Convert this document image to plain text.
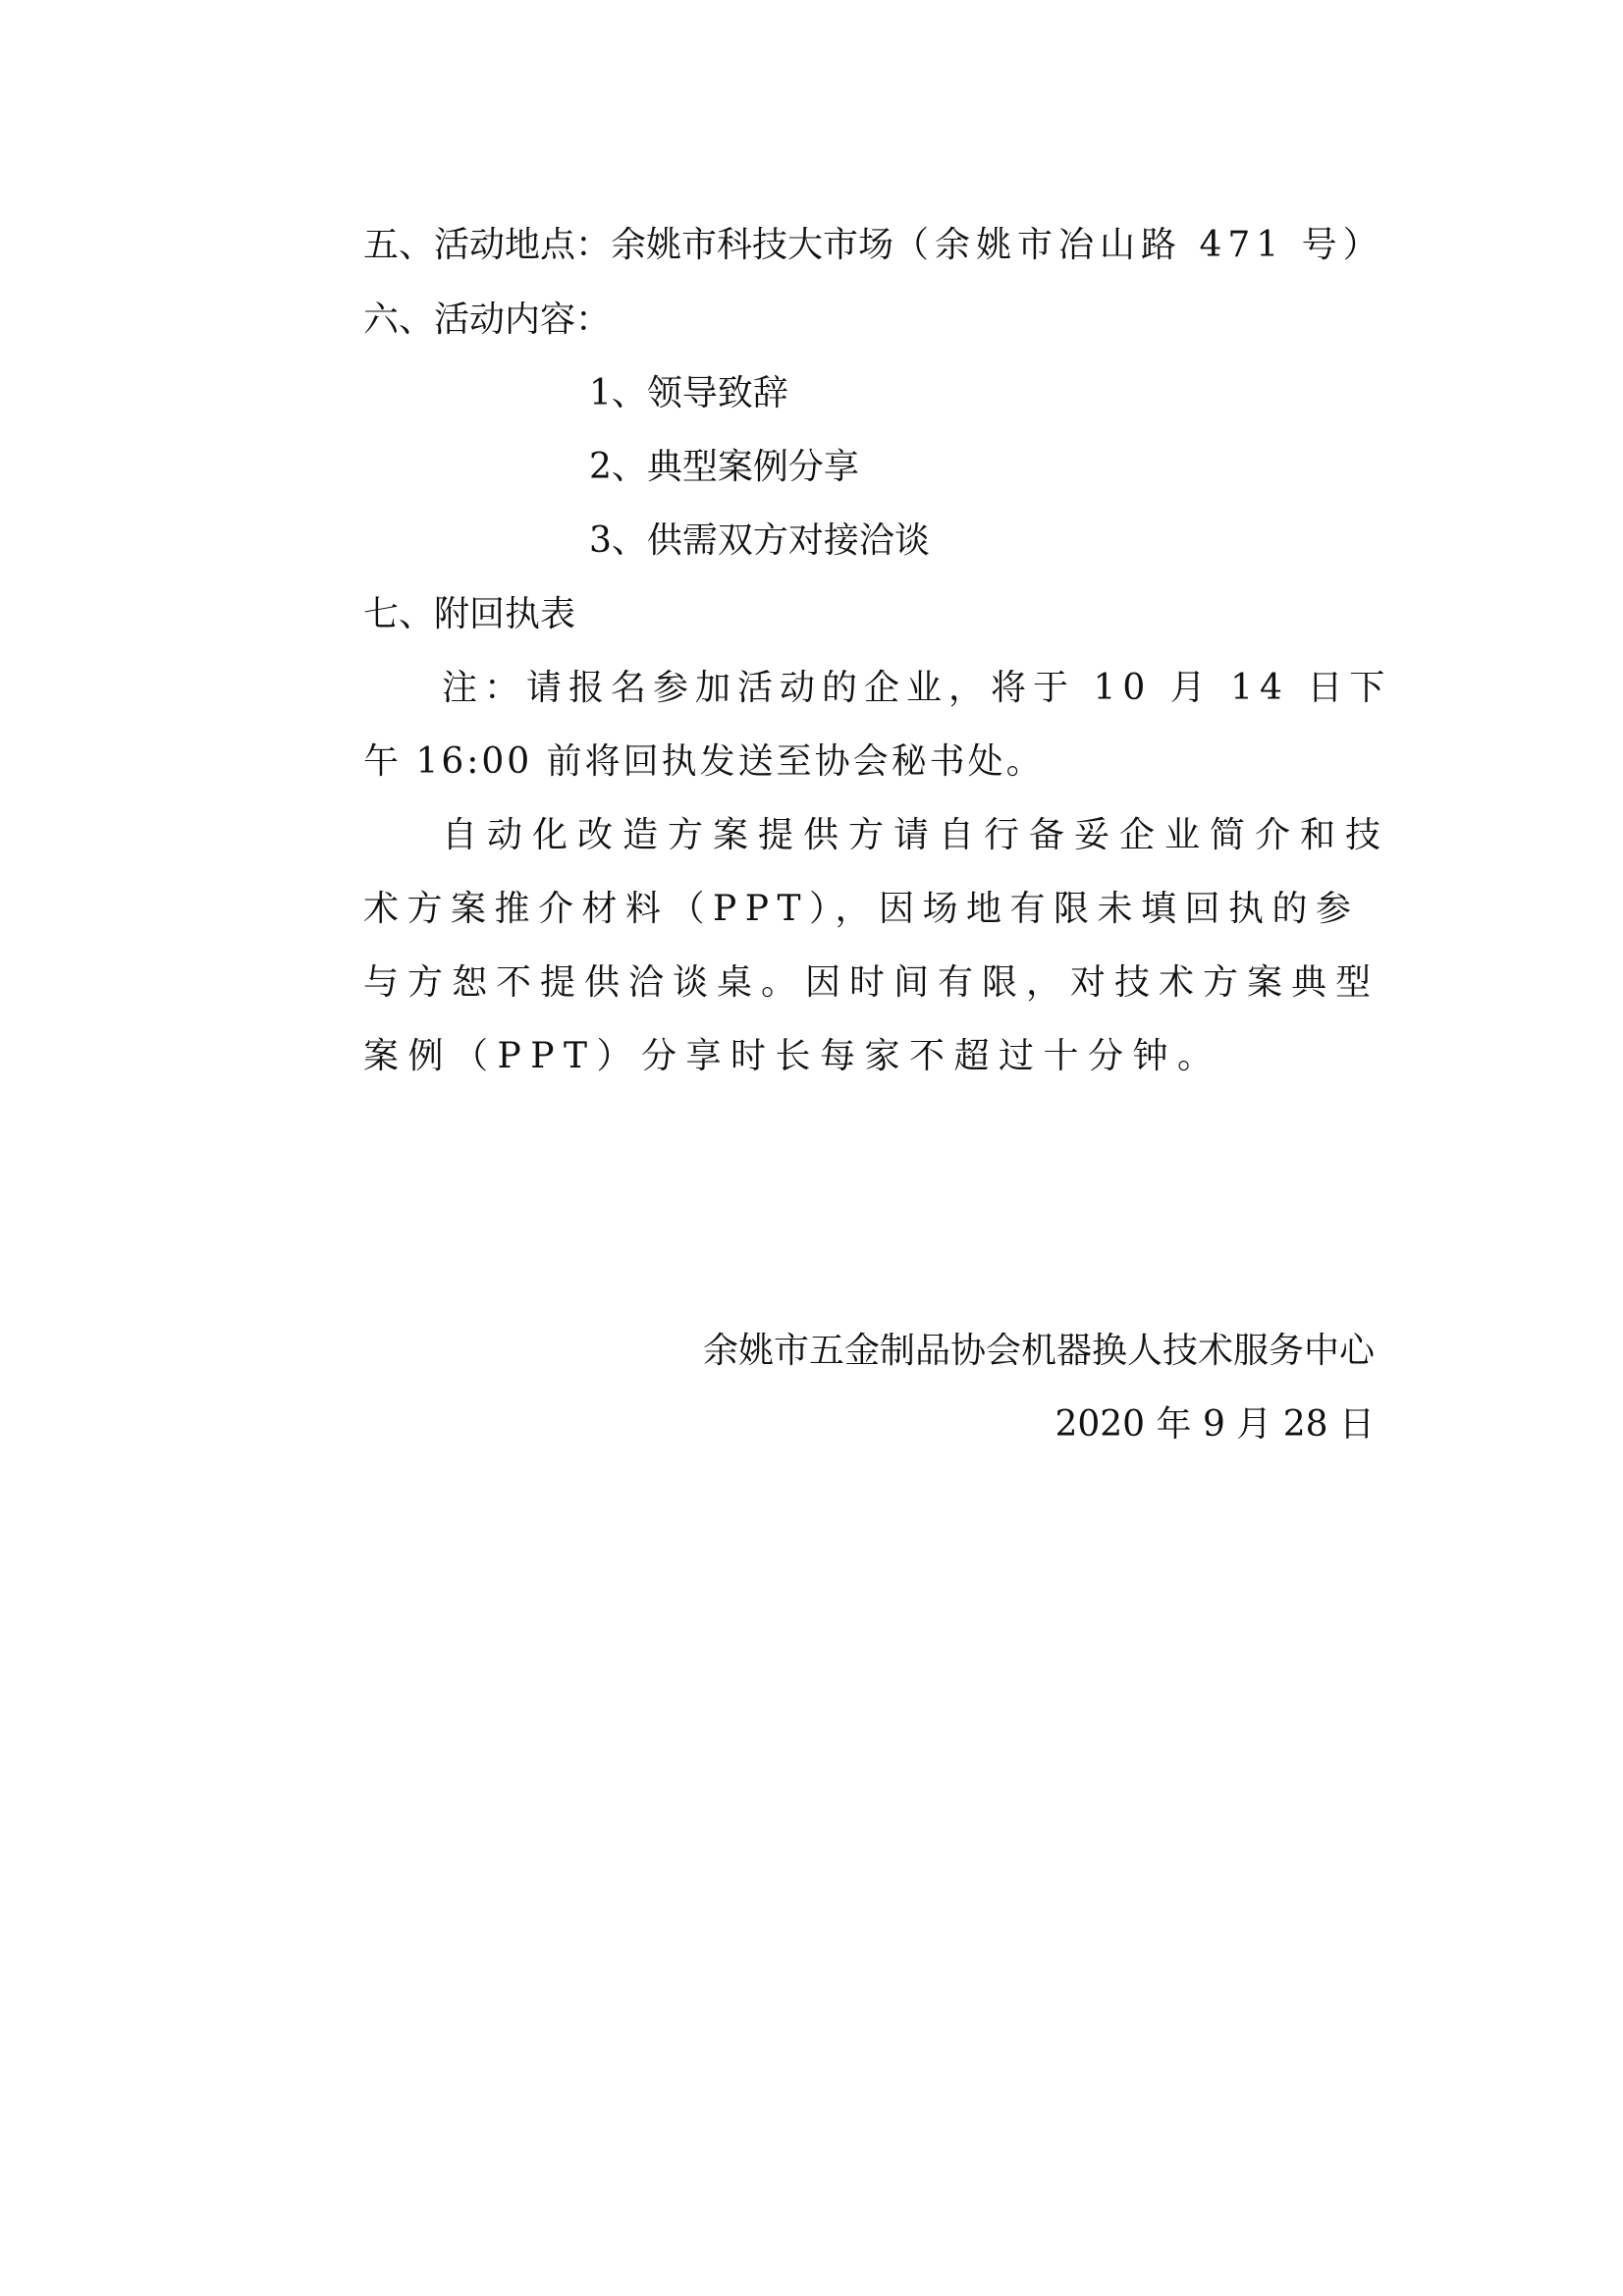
五、活动地点：余姚市科技大市场（余姚市冶山路 471 号）
六、活动内容：
1、领导致辞
2、典型案例分享
3、供需双方对接洽谈
七、附回执表
注：请报名参加活动的企业，将于 10 月 14 日下
午 16:00 前将回执发送至协会秘书处。
自动化改造方案提供方请自行备妥企业简介和技
术方案推介材料（PPT），因场地有限未填回执的参
与方恕不提供洽谈桌。因时间有限，对技术方案典型
案例（PPT）分享时长每家不超过十分钟。
余姚市五金制品协会机器换人技术服务中心
2020 年 9 月 28 日
